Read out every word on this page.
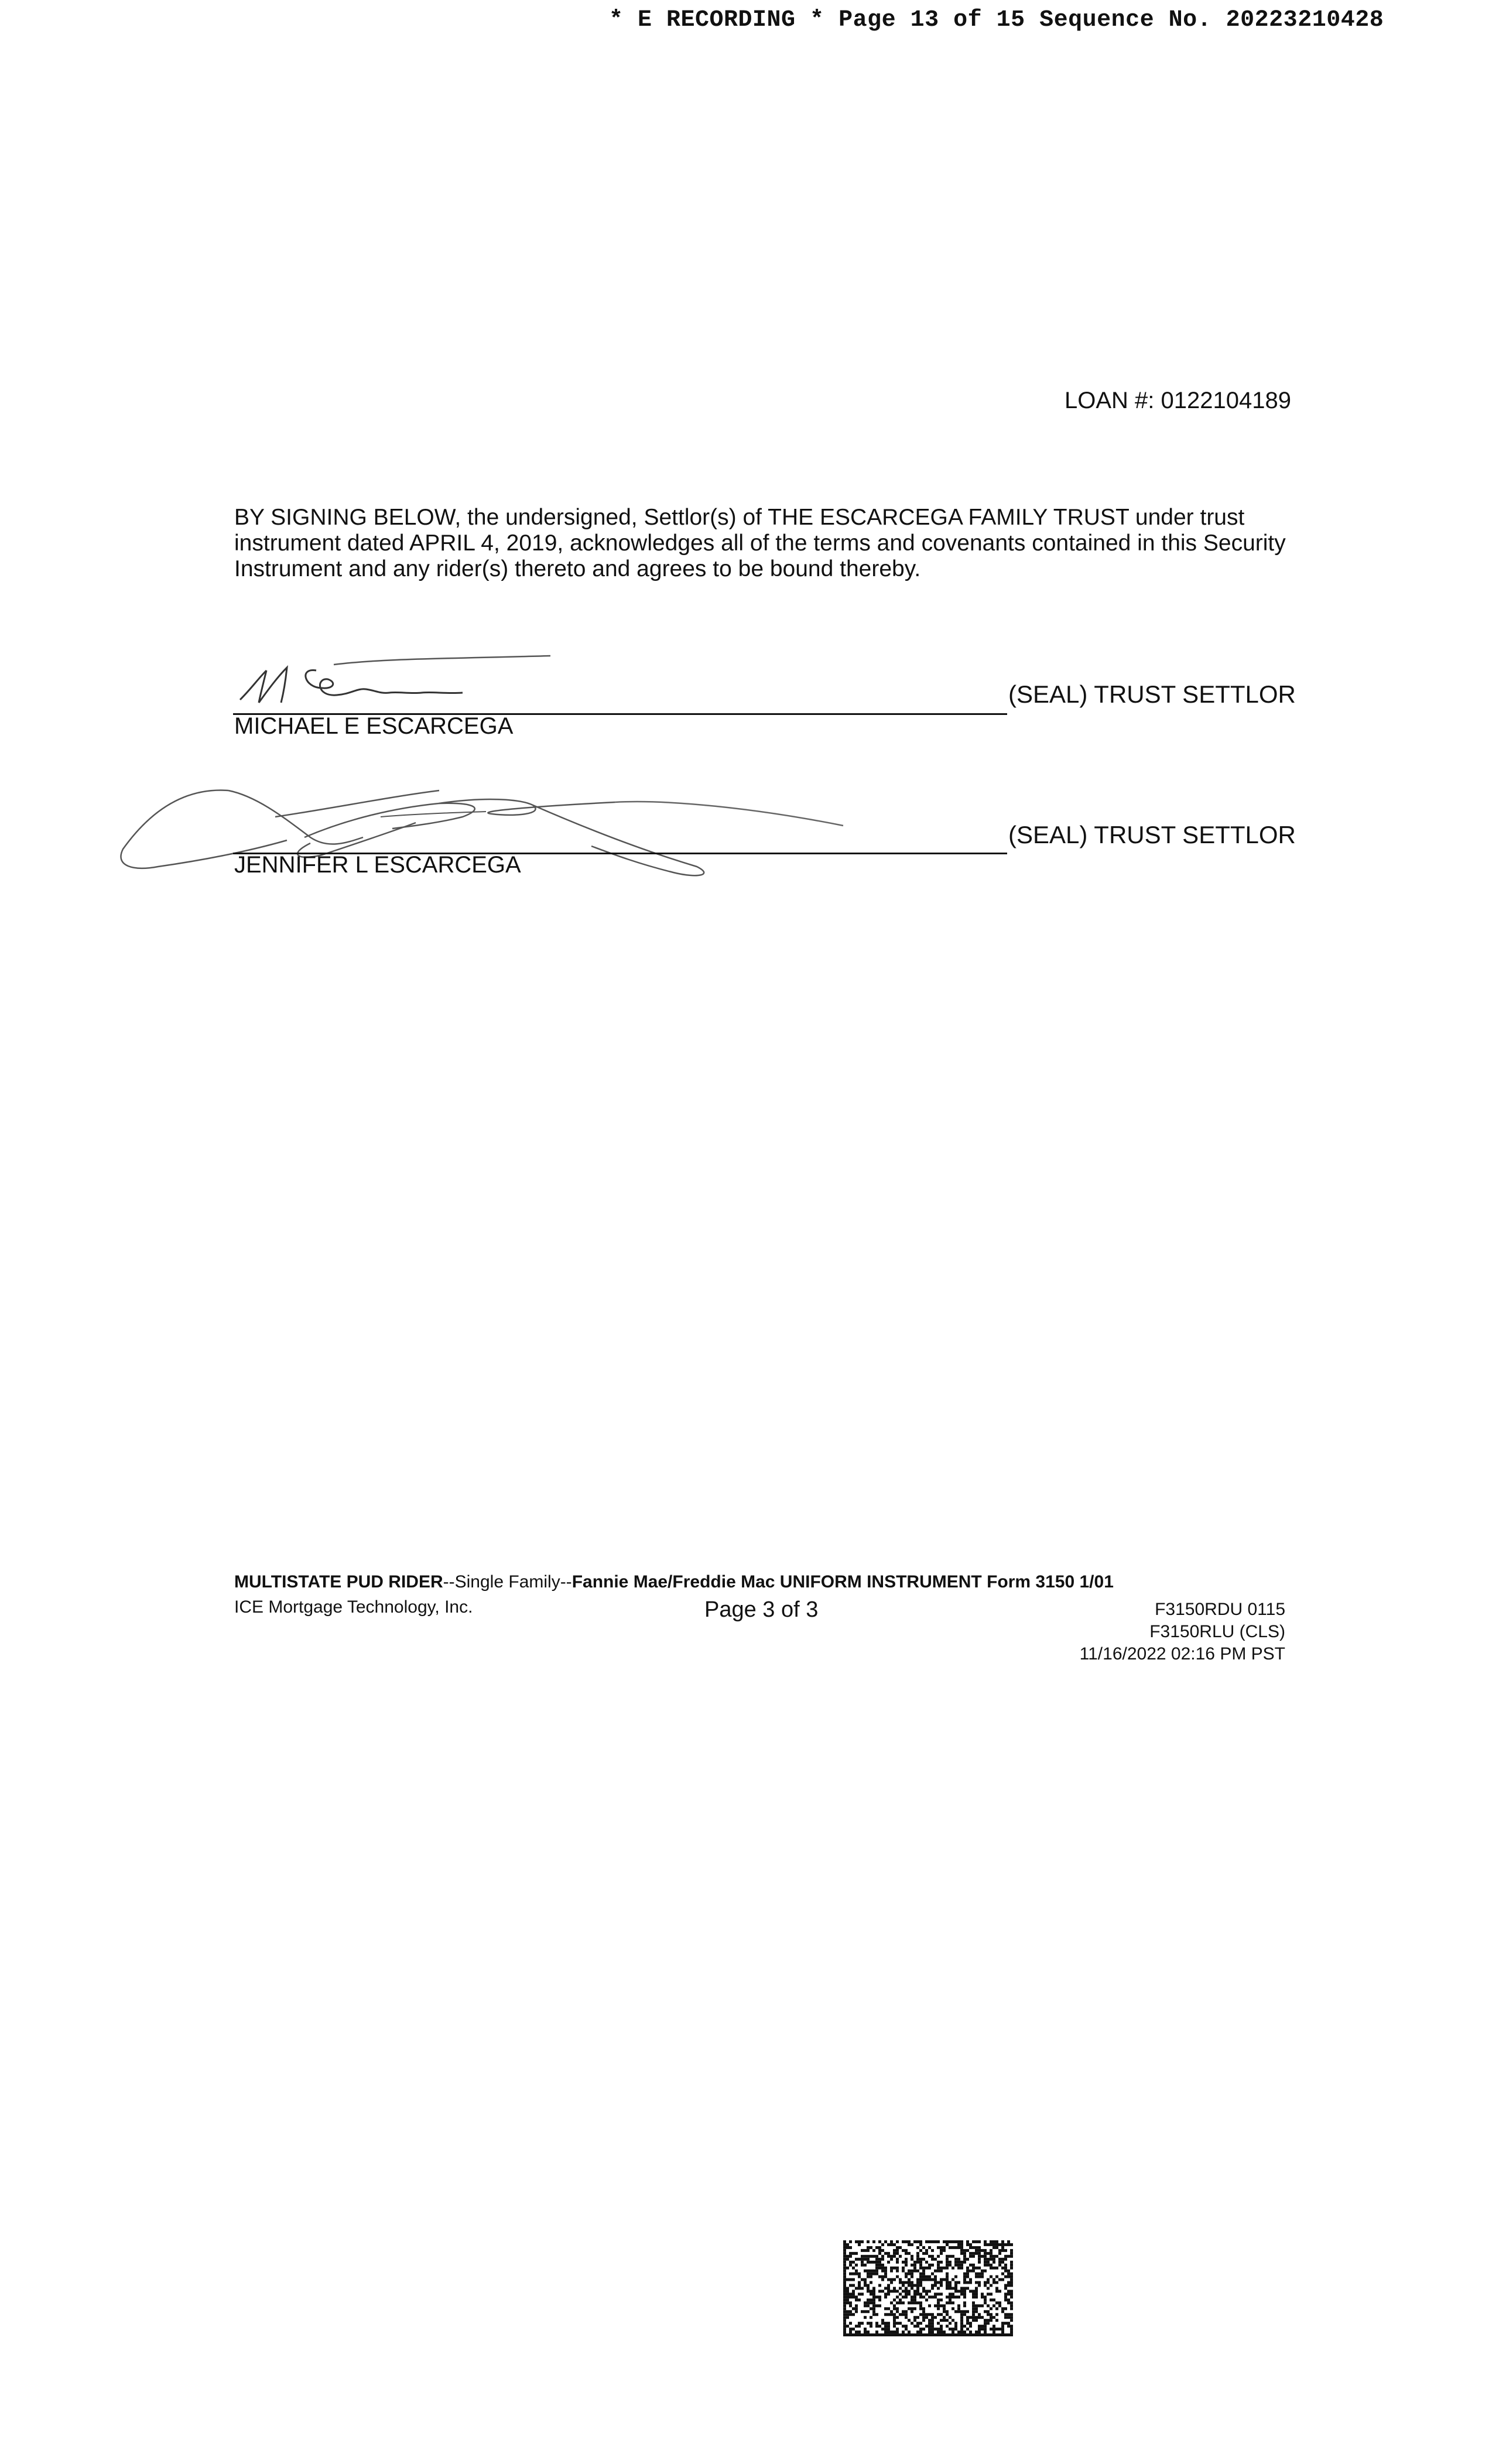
* E RECORDING * Page 13 of 15 Sequence No. 20223210428
LOAN #: 0122104189
BY SIGNING BELOW, the undersigned, Settlor(s) of THE ESCARCEGA FAMILY TRUST under trust instrument dated APRIL 4, 2019, acknowledges all of the terms and covenants contained in this Security Instrument and any rider(s) thereto and agrees to be bound thereby.
MICHAEL E ESCARCEGA
(SEAL) TRUST SETTLOR
JENNIFER L ESCARCEGA
(SEAL) TRUST SETTLOR
MULTISTATE PUD RIDER--Single Family--Fannie Mae/Freddie Mac UNIFORM INSTRUMENT Form 3150 1/01
ICE Mortgage Technology, Inc.	Page 3 of 3	F3150RDU 0115
F3150RLU (CLS)
11/16/2022 02:16 PM PST
